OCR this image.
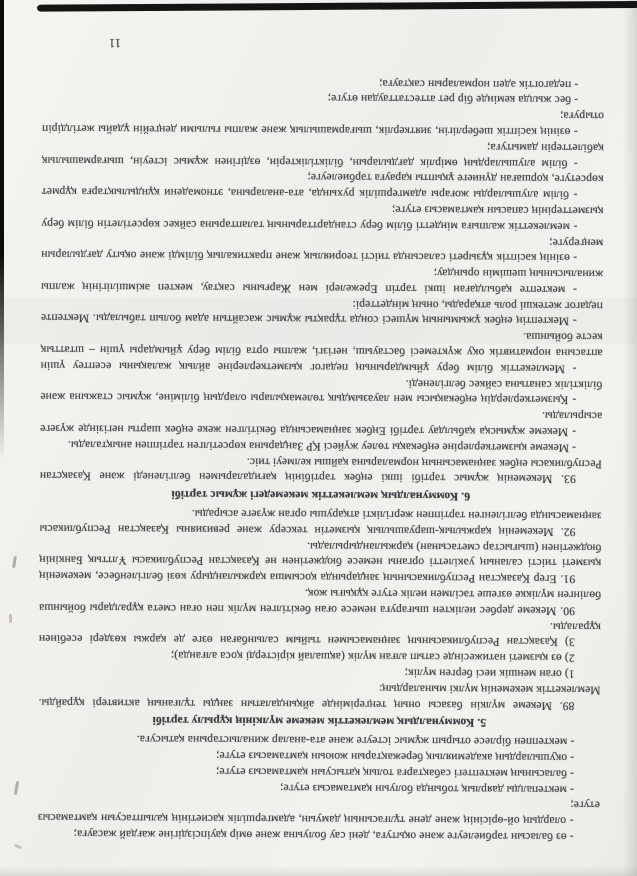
- өз баласын тәрбиелеуге және оқытуға, дені сау болуына және өмір қауіпсіздігіне жағдай жасауға;

- олардың ой-өрісінің және дене тұлғасының дамуын, адамгершілік қасиетінің қалыптасуын қамтамасыз етуге;

- мектепалды даярлық тобында болуын қамтамасыз етуге;

- баласының мектептегі сабақтарға толық қатысуын қамтамасыз етуге;

- оқушылардың академиялық бережақтарын жоюын қамтамасыз етуге;

- мектеппен бірлесе отырып жұмыс істеуге және ата-аналар жиналыстарына қатысуға.

5. Коммуналдық мемлекеттік мекеме мүлкінің құрылу тәртібі

89. Мекеме мүлкін базасы оның теңгерімінде айқындалатын заңды тұлғаның активтері құрайды. Мемлекеттік мекеменің мүлкі мыналардың:

1) оған меншік иесі берген мүлік;

2) өз қызметі нәтижесінде сатып алған мүлік (ақшалай кірістерді қоса алғанда);

3) Қазақстан Республикасының заңнамасымен тыйым салынбаған өзге де қаржы көздері есебінен құралады.

90. Мекеме дербес иеліктен шығаруға немесе оған бекітілген мүлік пен оған смета құралдары бойынша бөлінген мүлікке өзгеше тәсілмен иелік етуге құқығы жоқ.

91. Егер Қазақстан Республикасының заңдарында қосымша қаржыландыру көзі белгіленбесе, мекеменің қызметі тиісті саланың уәкілетті органы немесе бюджетінен не Қазақстан Республикасы Ұлттық Банкінің бюджетінен (шығыстар сметасынан) қаржыландырылады.

92. Мекеменің қаржылық-шаруашылық қызметін тексеру және ревизияны Қазақстан Республикасы заңнамасында белгіленген тәртіппен жергілікті атқарушы орган жүзеге асырады.

6. Коммуналдық мемлекеттік мекемедегі жұмыс тәртібі

93. Мекеменің жұмыс тәртібі ішкі еңбек тәртібінің қағидаларымен белгіленеді және Қазақстан Республикасы еңбек заңнамасының нормаларына қайшы келмеуі тиіс.

- Мекеме қызметкерлеріне еңбекақы төлеу жүйесі ҚР Заңдарына көрсетілген тәртіппен анықталады.

- Мекеме жұмысқа қабылдау тәртібі Еңбек заңнамасында бекітілген жеке еңбек шарты негізінде жүзеге асырылады.

- Қызметкерлердің еңбекақысы мен лауазымдық төлемақылары олардың біліміне, жұмыс стажына және біліктілік санатына сәйкес белгіленеді.

- Мемлекеттік білім беру ұйымдарының педагог қызметкерлеріне айлық жалақыны есептеу үшін аптасына нормативтік оқу жүктемесі бастауыш, негізгі, жалпы орта білім беру ұйымдары үшін – штаттық кесте бойынша.

- Мектептің еңбек ұжымының мүшесі сонда тұрақты жұмыс жасайтын адам болып табылады. Мектепте педагог жетекші роль атқарады, оның міндеттері:

- мектепте қабылдаған ішкі тәртіп Ережелері мен Жарғыны сақтау, мектеп әкімшілігінің жалпы жиналысының шешімін орындау;

- өзінің кәсіптік құзыреті саласында тиісті теориялық және практикалық білімді және оқыту дағдыларын меңгеруге;

- мемлекеттік жалпыға міндетті білім беру стандарттарының талаптарына сәйкес көрсетілетін білім беру қызметтерінің сапасын қамтамасыз етуге;

- білім алушыларды жоғары адамгершілік рухында, ата-аналарына, этномәдени құндылықтарға құрмет көрсетуге, қоршаған дүниеге ұқыпты қарауға тәрбиелеуге;

- білім алушылардың өмірлік дағдыларын, біліктіліктерін, өздігінен жұмыс істеуін, шығармашылық қабілеттерін дамытуға;

- өзінің кәсіптік шеберлігін, зияткерлік, шығармашылық және жалпы ғылыми деңгейін ұдайы жетілдіріп отыруға;

- бес жылда кемінде бір рет аттестаттаудан өтуге;

- педагогтік әдеп нормаларын сақтауға;

11
